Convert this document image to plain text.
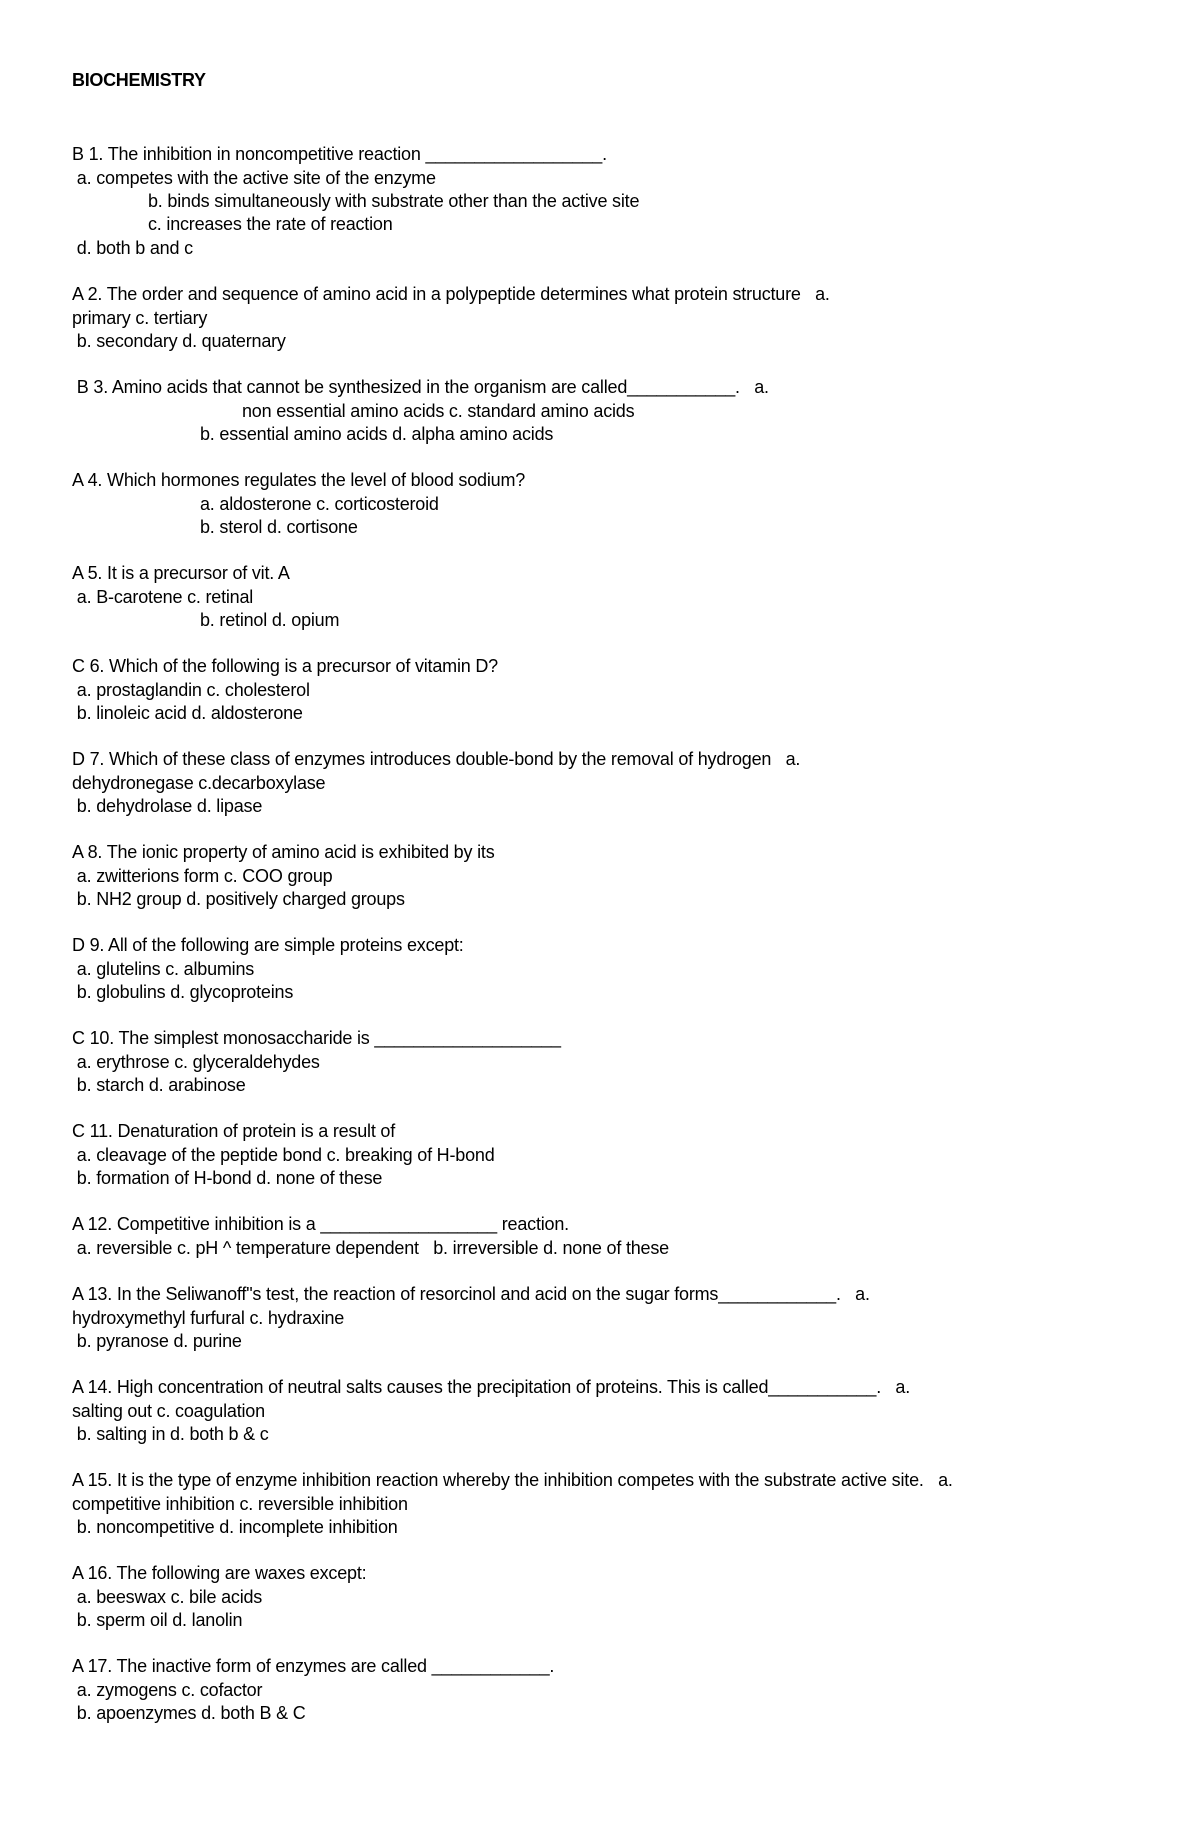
BIOCHEMISTRY
B 1. The inhibition in noncompetitive reaction __________________.
a. competes with the active site of the enzyme
b. binds simultaneously with substrate other than the active site
c. increases the rate of reaction
d. both b and c
A 2. The order and sequence of amino acid in a polypeptide determines what protein structure   a.
primary c. tertiary
b. secondary d. quaternary
B 3. Amino acids that cannot be synthesized in the organism are called___________.   a.
non essential amino acids c. standard amino acids
b. essential amino acids d. alpha amino acids
A 4. Which hormones regulates the level of blood sodium?
a. aldosterone c. corticosteroid
b. sterol d. cortisone
A 5. It is a precursor of vit. A
a. B-carotene c. retinal
b. retinol d. opium
C 6. Which of the following is a precursor of vitamin D?
a. prostaglandin c. cholesterol
b. linoleic acid d. aldosterone
D 7. Which of these class of enzymes introduces double-bond by the removal of hydrogen   a.
dehydronegase c.decarboxylase
b. dehydrolase d. lipase
A 8. The ionic property of amino acid is exhibited by its
a. zwitterions form c. COO group
b. NH2 group d. positively charged groups
D 9. All of the following are simple proteins except:
a. glutelins c. albumins
b. globulins d. glycoproteins
C 10. The simplest monosaccharide is ___________________
a. erythrose c. glyceraldehydes
b. starch d. arabinose
C 11. Denaturation of protein is a result of
a. cleavage of the peptide bond c. breaking of H-bond
b. formation of H-bond d. none of these
A 12. Competitive inhibition is a __________________ reaction.
a. reversible c. pH ^ temperature dependent   b. irreversible d. none of these
A 13. In the Seliwanoff"s test, the reaction of resorcinol and acid on the sugar forms____________.   a.
hydroxymethyl furfural c. hydraxine
b. pyranose d. purine
A 14. High concentration of neutral salts causes the precipitation of proteins. This is called___________.   a.
salting out c. coagulation
b. salting in d. both b & c
A 15. It is the type of enzyme inhibition reaction whereby the inhibition competes with the substrate active site.   a.
competitive inhibition c. reversible inhibition
b. noncompetitive d. incomplete inhibition
A 16. The following are waxes except:
a. beeswax c. bile acids
b. sperm oil d. lanolin
A 17. The inactive form of enzymes are called ____________.
a. zymogens c. cofactor
b. apoenzymes d. both B & C
